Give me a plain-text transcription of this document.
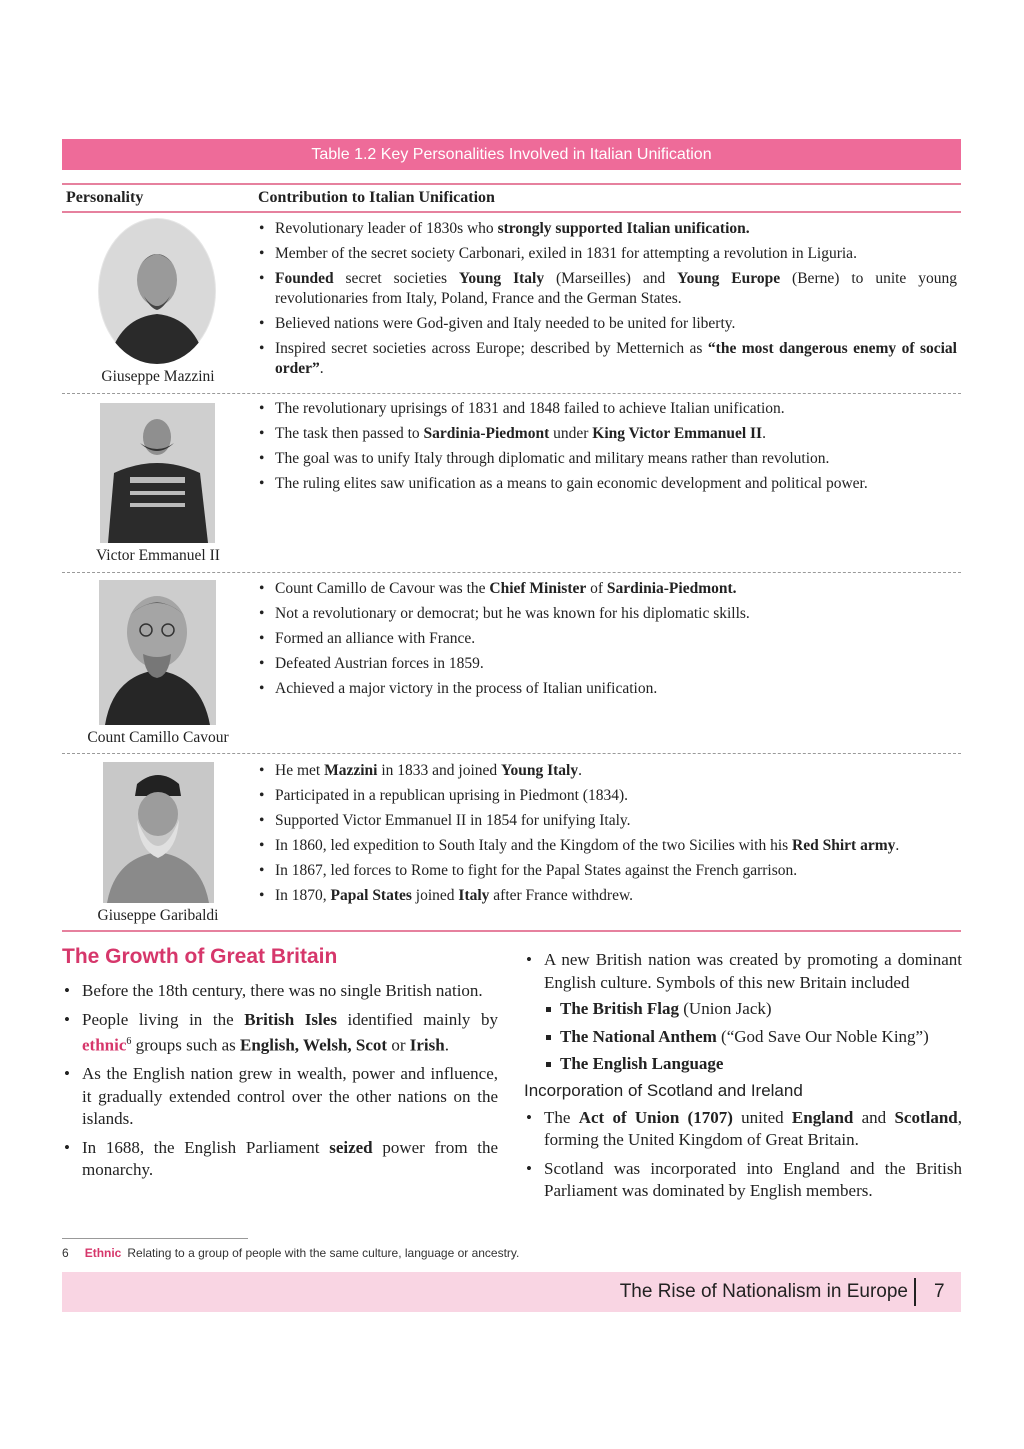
Table 1.2 Key Personalities Involved in Italian Unification
Personality	Contribution to Italian Unification
Giuseppe Mazzini
• Revolutionary leader of 1830s who strongly supported Italian unification.
• Member of the secret society Carbonari, exiled in 1831 for attempting a revolution in Liguria.
• Founded secret societies Young Italy (Marseilles) and Young Europe (Berne) to unite young revolutionaries from Italy, Poland, France and the German States.
• Believed nations were God-given and Italy needed to be united for liberty.
• Inspired secret societies across Europe; described by Metternich as “the most dangerous enemy of social order”.
Victor Emmanuel II
• The revolutionary uprisings of 1831 and 1848 failed to achieve Italian unification.
• The task then passed to Sardinia-Piedmont under King Victor Emmanuel II.
• The goal was to unify Italy through diplomatic and military means rather than revolution.
• The ruling elites saw unification as a means to gain economic development and political power.
Count Camillo Cavour
• Count Camillo de Cavour was the Chief Minister of Sardinia-Piedmont.
• Not a revolutionary or democrat; but he was known for his diplomatic skills.
• Formed an alliance with France.
• Defeated Austrian forces in 1859.
• Achieved a major victory in the process of Italian unification.
Giuseppe Garibaldi
• He met Mazzini in 1833 and joined Young Italy.
• Participated in a republican uprising in Piedmont (1834).
• Supported Victor Emmanuel II in 1854 for unifying Italy.
• In 1860, led expedition to South Italy and the Kingdom of the two Sicilies with his Red Shirt army.
• In 1867, led forces to Rome to fight for the Papal States against the French garrison.
• In 1870, Papal States joined Italy after France withdrew.
The Growth of Great Britain
• Before the 18th century, there was no single British nation.
• People living in the British Isles identified mainly by ethnic$^6$ groups such as English, Welsh, Scot or Irish.
• As the English nation grew in wealth, power and influence, it gradually extended control over the other nations on the islands.
• In 1688, the English Parliament seized power from the monarchy.
• A new British nation was created by promoting a dominant English culture. Symbols of this new Britain included
The British Flag (Union Jack)
The National Anthem (“God Save Our Noble King”)
The English Language
Incorporation of Scotland and Ireland
• The Act of Union (1707) united England and Scotland, forming the United Kingdom of Great Britain.
• Scotland was incorporated into England and the British Parliament was dominated by English members.
6 Ethnic Relating to a group of people with the same culture, language or ancestry.
The Rise of Nationalism in Europe 7
